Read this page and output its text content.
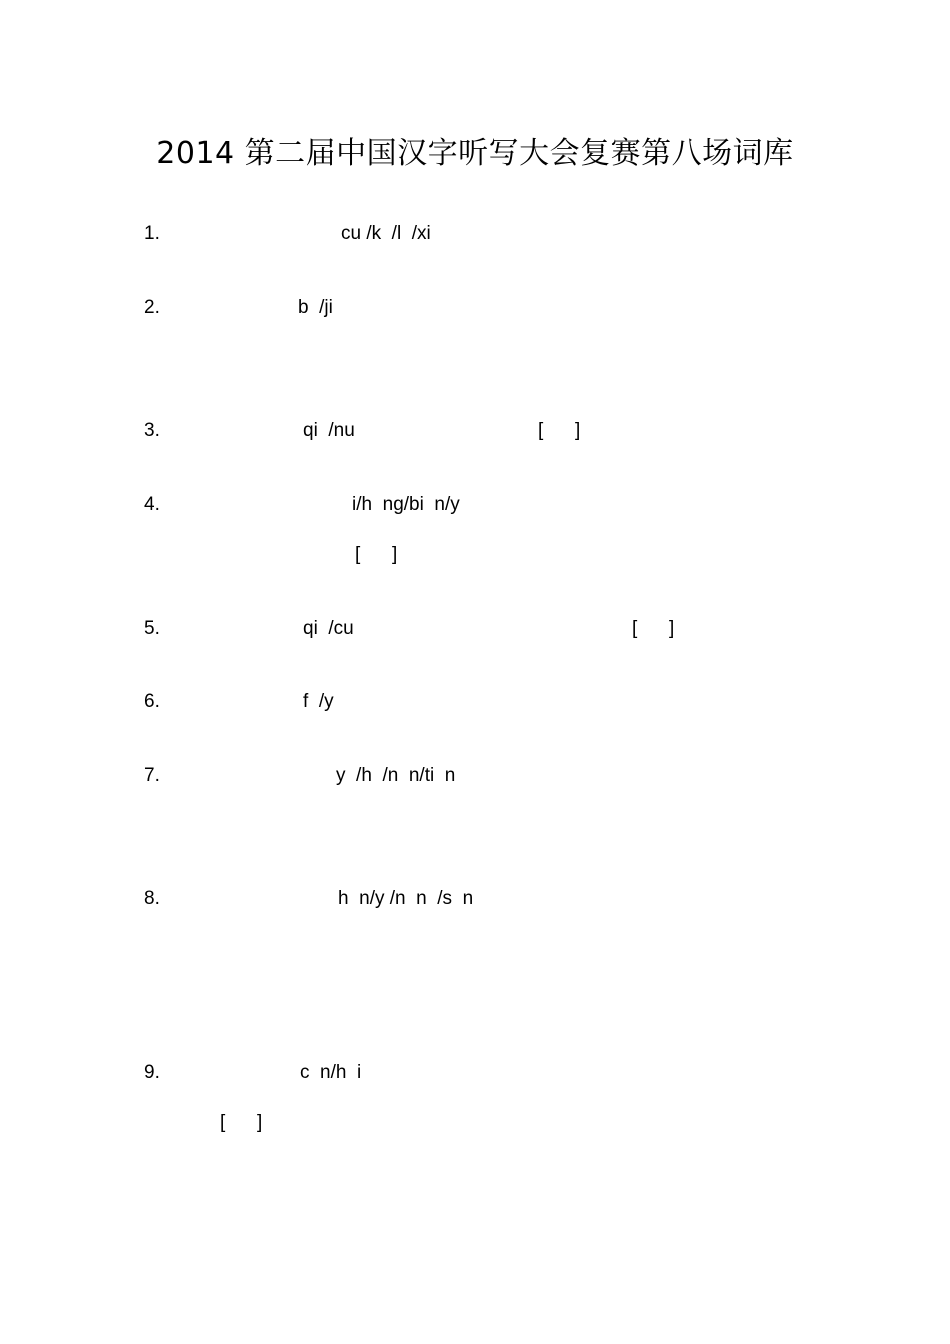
2014 第二届中国汉字听写大会复赛第八场词库
1.	cu /k  /l  /xi
2.	b  /ji
3.	qi  /nu	[      ]
4.	i/h  ng/bi  n/y
[      ]
5.	qi  /cu	[      ]
6.	f  /y
7.	y  /h  /n  n/ti  n
8.	h  n/y /n  n  /s  n
9.	c  n/h  i
[      ]
